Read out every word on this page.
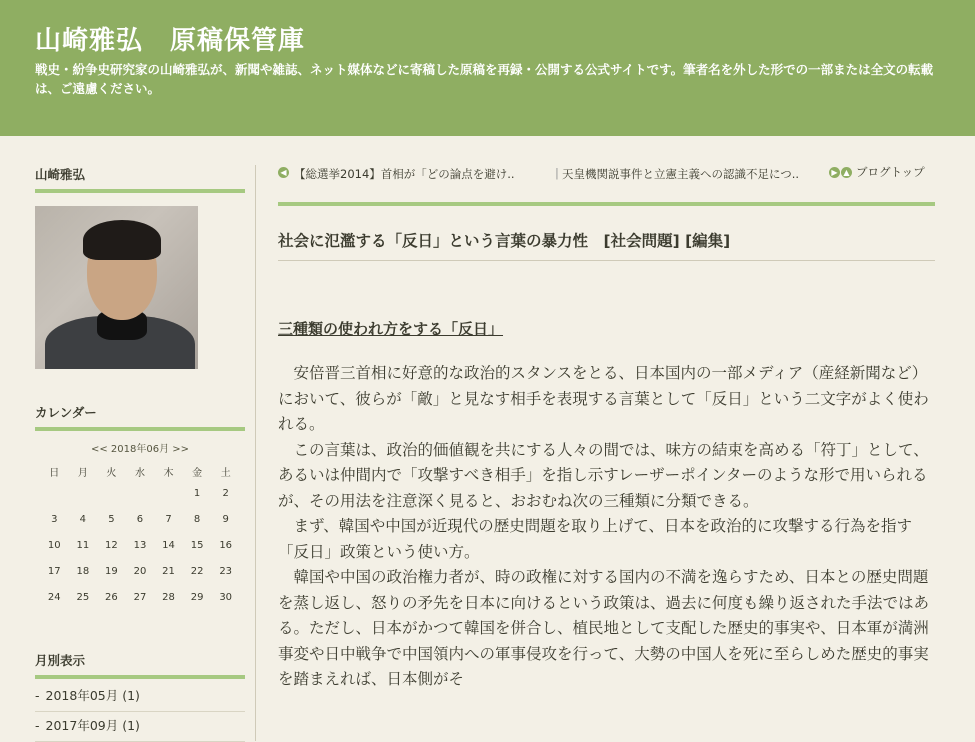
山崎雅弘　原稿保管庫
戦史・紛争史研究家の山崎雅弘が、新聞や雑誌、ネット媒体などに寄稿した原稿を再録・公開する公式サイトです。筆者名を外した形での一部または全文の転載は、ご遠慮ください。
山崎雅弘
カレンダー
<< 2018年06月 >>
日	月	火	水	木	金	土
					1	2
3	4	5	6	7	8	9
10	11	12	13	14	15	16
17	18	19	20	21	22	23
24	25	26	27	28	29	30
月別表示
- 2018年05月 (1)
- 2017年09月 (1)
◀ 【総選挙2014】首相が「どの論点を避け..	| 天皇機関説事件と立憲主義への認識不足につ..	▶ ▲ ブログトップ
社会に氾濫する「反日」という言葉の暴力性　[社会問題] [編集]
三種類の使われ方をする「反日」

安倍晋三首相に好意的な政治的スタンスをとる、日本国内の一部メディア（産経新聞など）において、彼らが「敵」と見なす相手を表現する言葉として「反日」という二文字がよく使われる。

この言葉は、政治的価値観を共にする人々の間では、味方の結束を高める「符丁」として、あるいは仲間内で「攻撃すべき相手」を指し示すレーザーポインターのような形で用いられるが、その用法を注意深く見ると、おおむね次の三種類に分類できる。

まず、韓国や中国が近現代の歴史問題を取り上げて、日本を政治的に攻撃する行為を指す「反日」政策という使い方。

韓国や中国の政治権力者が、時の政権に対する国内の不満を逸らすため、日本との歴史問題を蒸し返し、怒りの矛先を日本に向けるという政策は、過去に何度も繰り返された手法ではある。ただし、日本がかつて韓国を併合し、植民地として支配した歴史的事実や、日本軍が満洲事変や日中戦争で中国領内への軍事侵攻を行って、大勢の中国人を死に至らしめた歴史的事実を踏まえれば、日本側がそ
